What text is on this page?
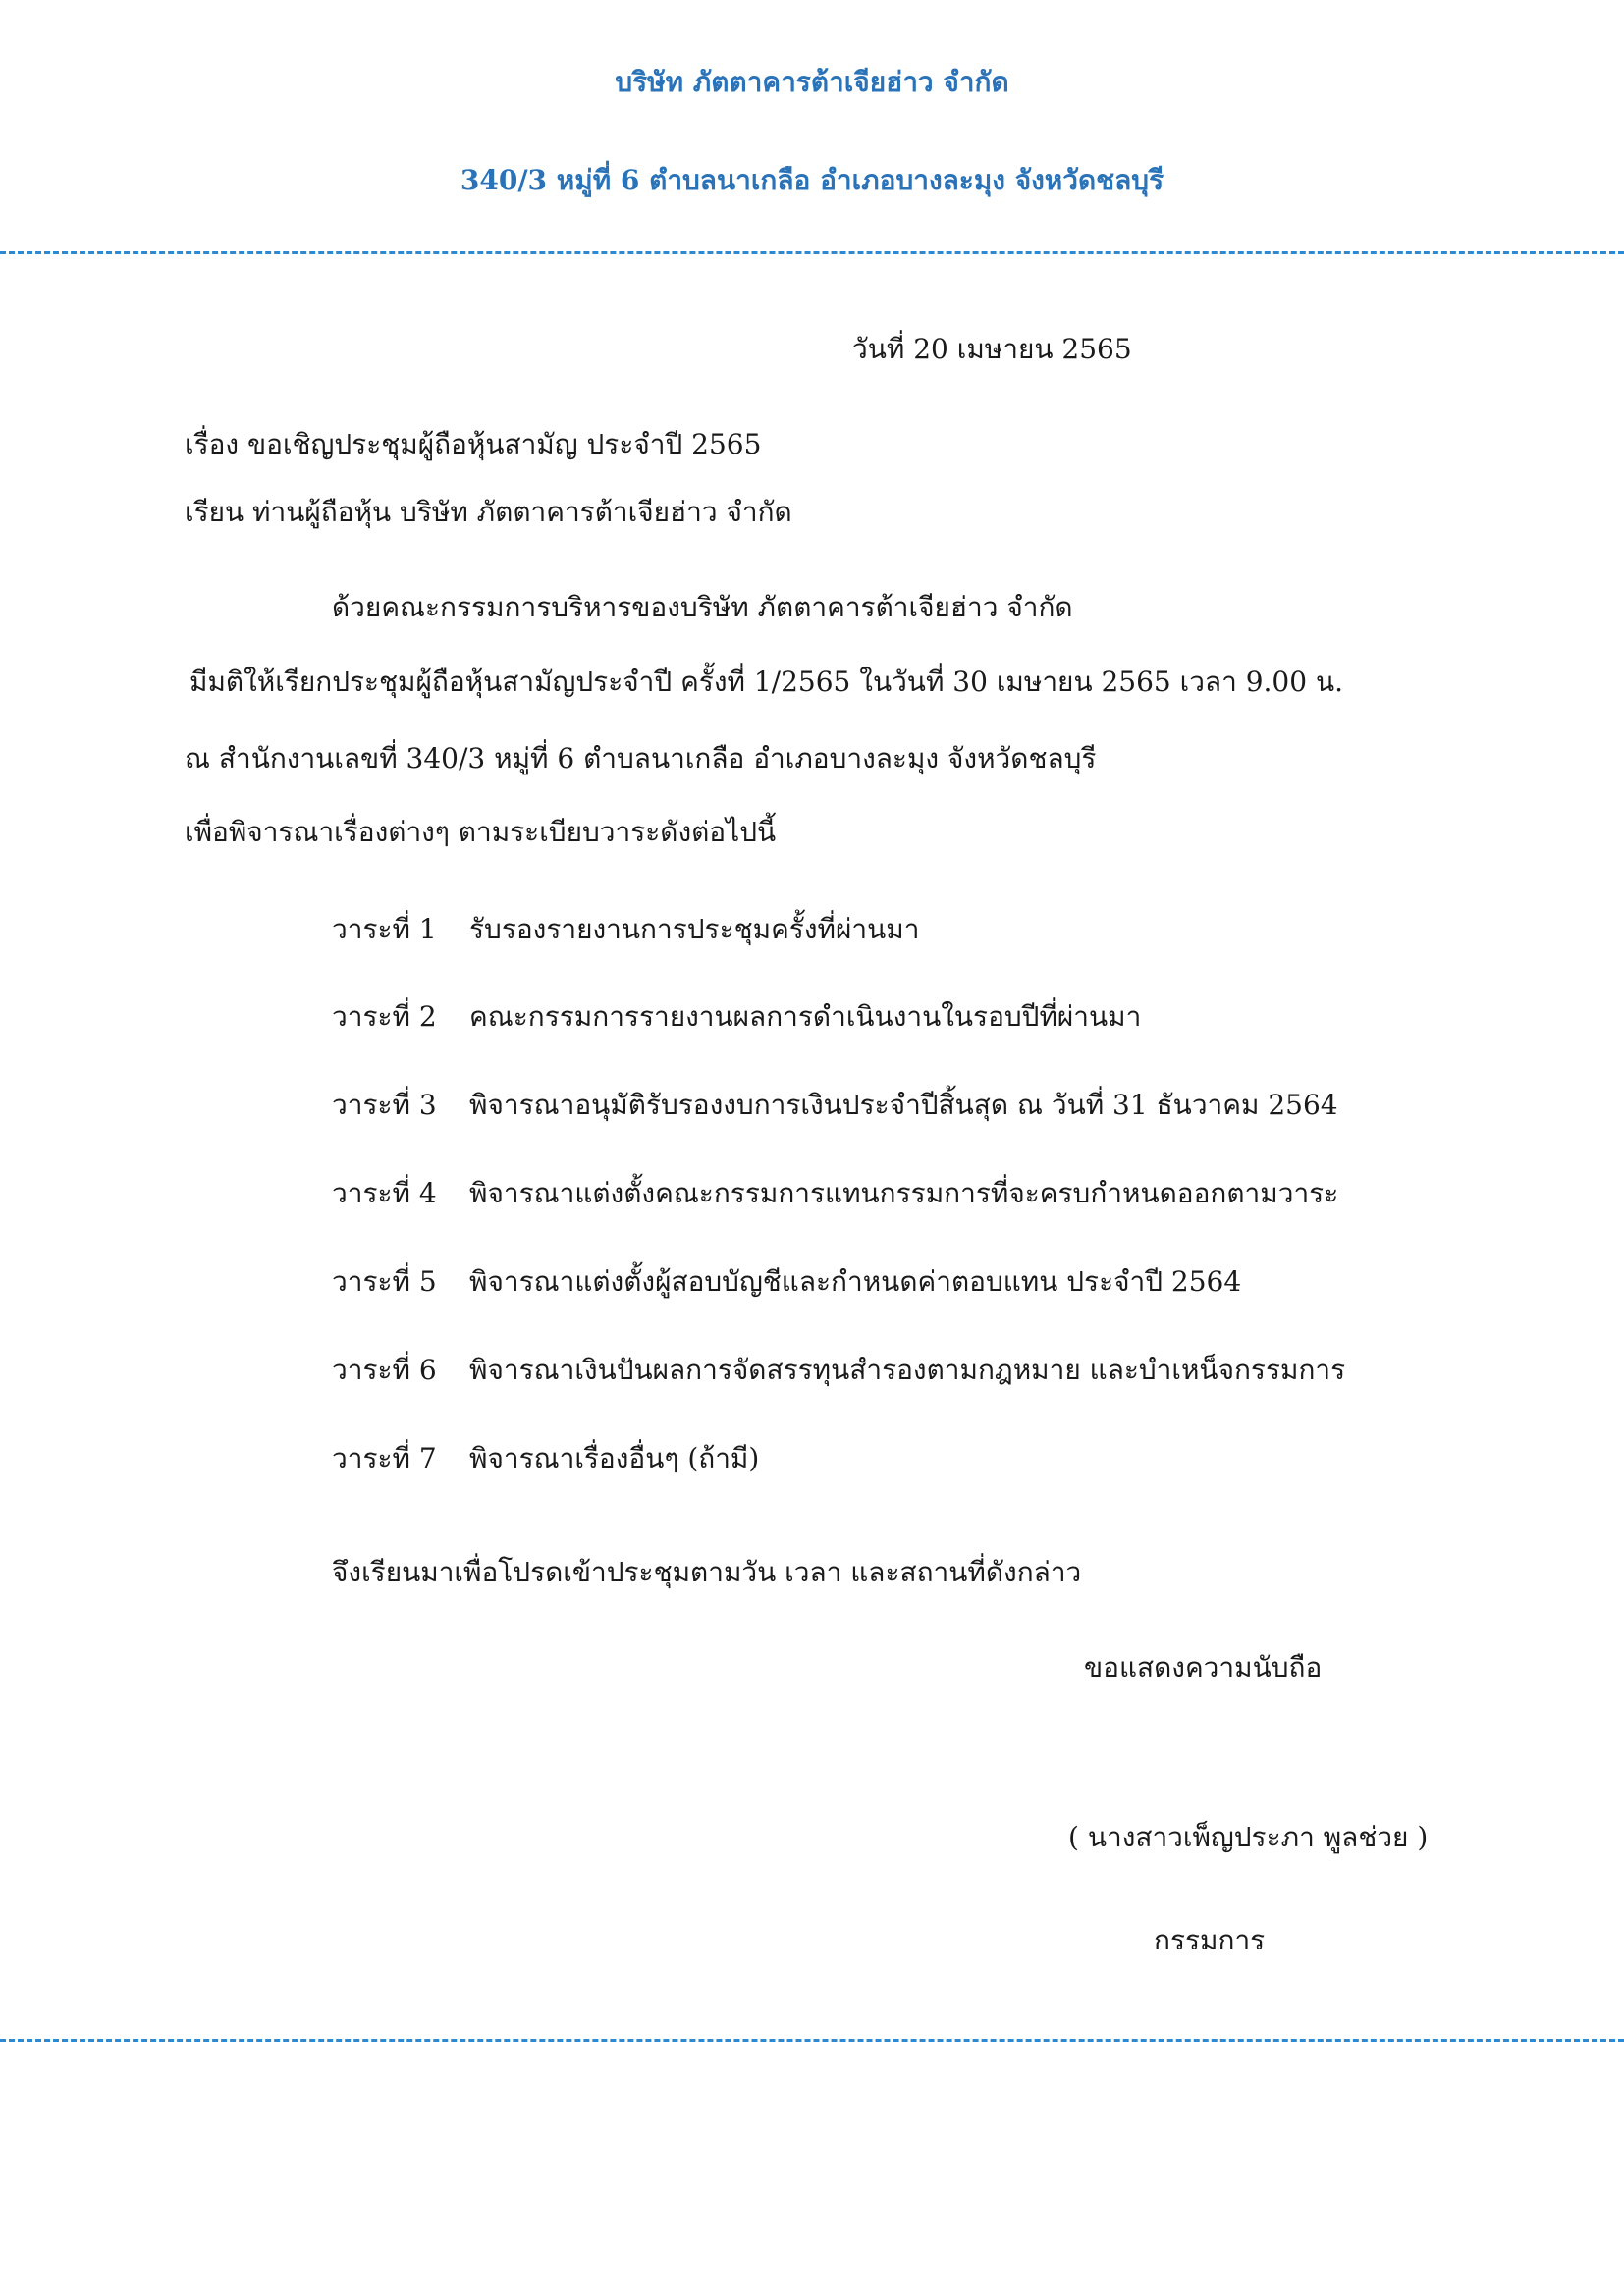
บริษัท ภัตตาคารต้าเจียฮ่าว จำกัด
340/3 หมู่ที่ 6 ตำบลนาเกลือ อำเภอบางละมุง จังหวัดชลบุรี
วันที่ 20 เมษายน 2565
เรื่อง ขอเชิญประชุมผู้ถือหุ้นสามัญ ประจำปี 2565
เรียน ท่านผู้ถือหุ้น บริษัท ภัตตาคารต้าเจียฮ่าว จำกัด
ด้วยคณะกรรมการบริหารของบริษัท ภัตตาคารต้าเจียฮ่าว จำกัด
มีมติให้เรียกประชุมผู้ถือหุ้นสามัญประจำปี ครั้งที่ 1/2565 ในวันที่ 30 เมษายน 2565 เวลา 9.00 น.
ณ สำนักงานเลขที่ 340/3 หมู่ที่ 6 ตำบลนาเกลือ อำเภอบางละมุง จังหวัดชลบุรี
เพื่อพิจารณาเรื่องต่างๆ ตามระเบียบวาระดังต่อไปนี้
วาระที่ 1 รับรองรายงานการประชุมครั้งที่ผ่านมา
วาระที่ 2 คณะกรรมการรายงานผลการดำเนินงานในรอบปีที่ผ่านมา
วาระที่ 3 พิจารณาอนุมัติรับรองงบการเงินประจำปีสิ้นสุด ณ วันที่ 31 ธันวาคม 2564
วาระที่ 4 พิจารณาแต่งตั้งคณะกรรมการแทนกรรมการที่จะครบกำหนดออกตามวาระ
วาระที่ 5 พิจารณาแต่งตั้งผู้สอบบัญชีและกำหนดค่าตอบแทน ประจำปี 2564
วาระที่ 6 พิจารณาเงินปันผลการจัดสรรทุนสำรองตามกฎหมาย และบำเหน็จกรรมการ
วาระที่ 7 พิจารณาเรื่องอื่นๆ (ถ้ามี)
จึงเรียนมาเพื่อโปรดเข้าประชุมตามวัน เวลา และสถานที่ดังกล่าว
ขอแสดงความนับถือ
( นางสาวเพ็ญประภา พูลช่วย )
กรรมการ
